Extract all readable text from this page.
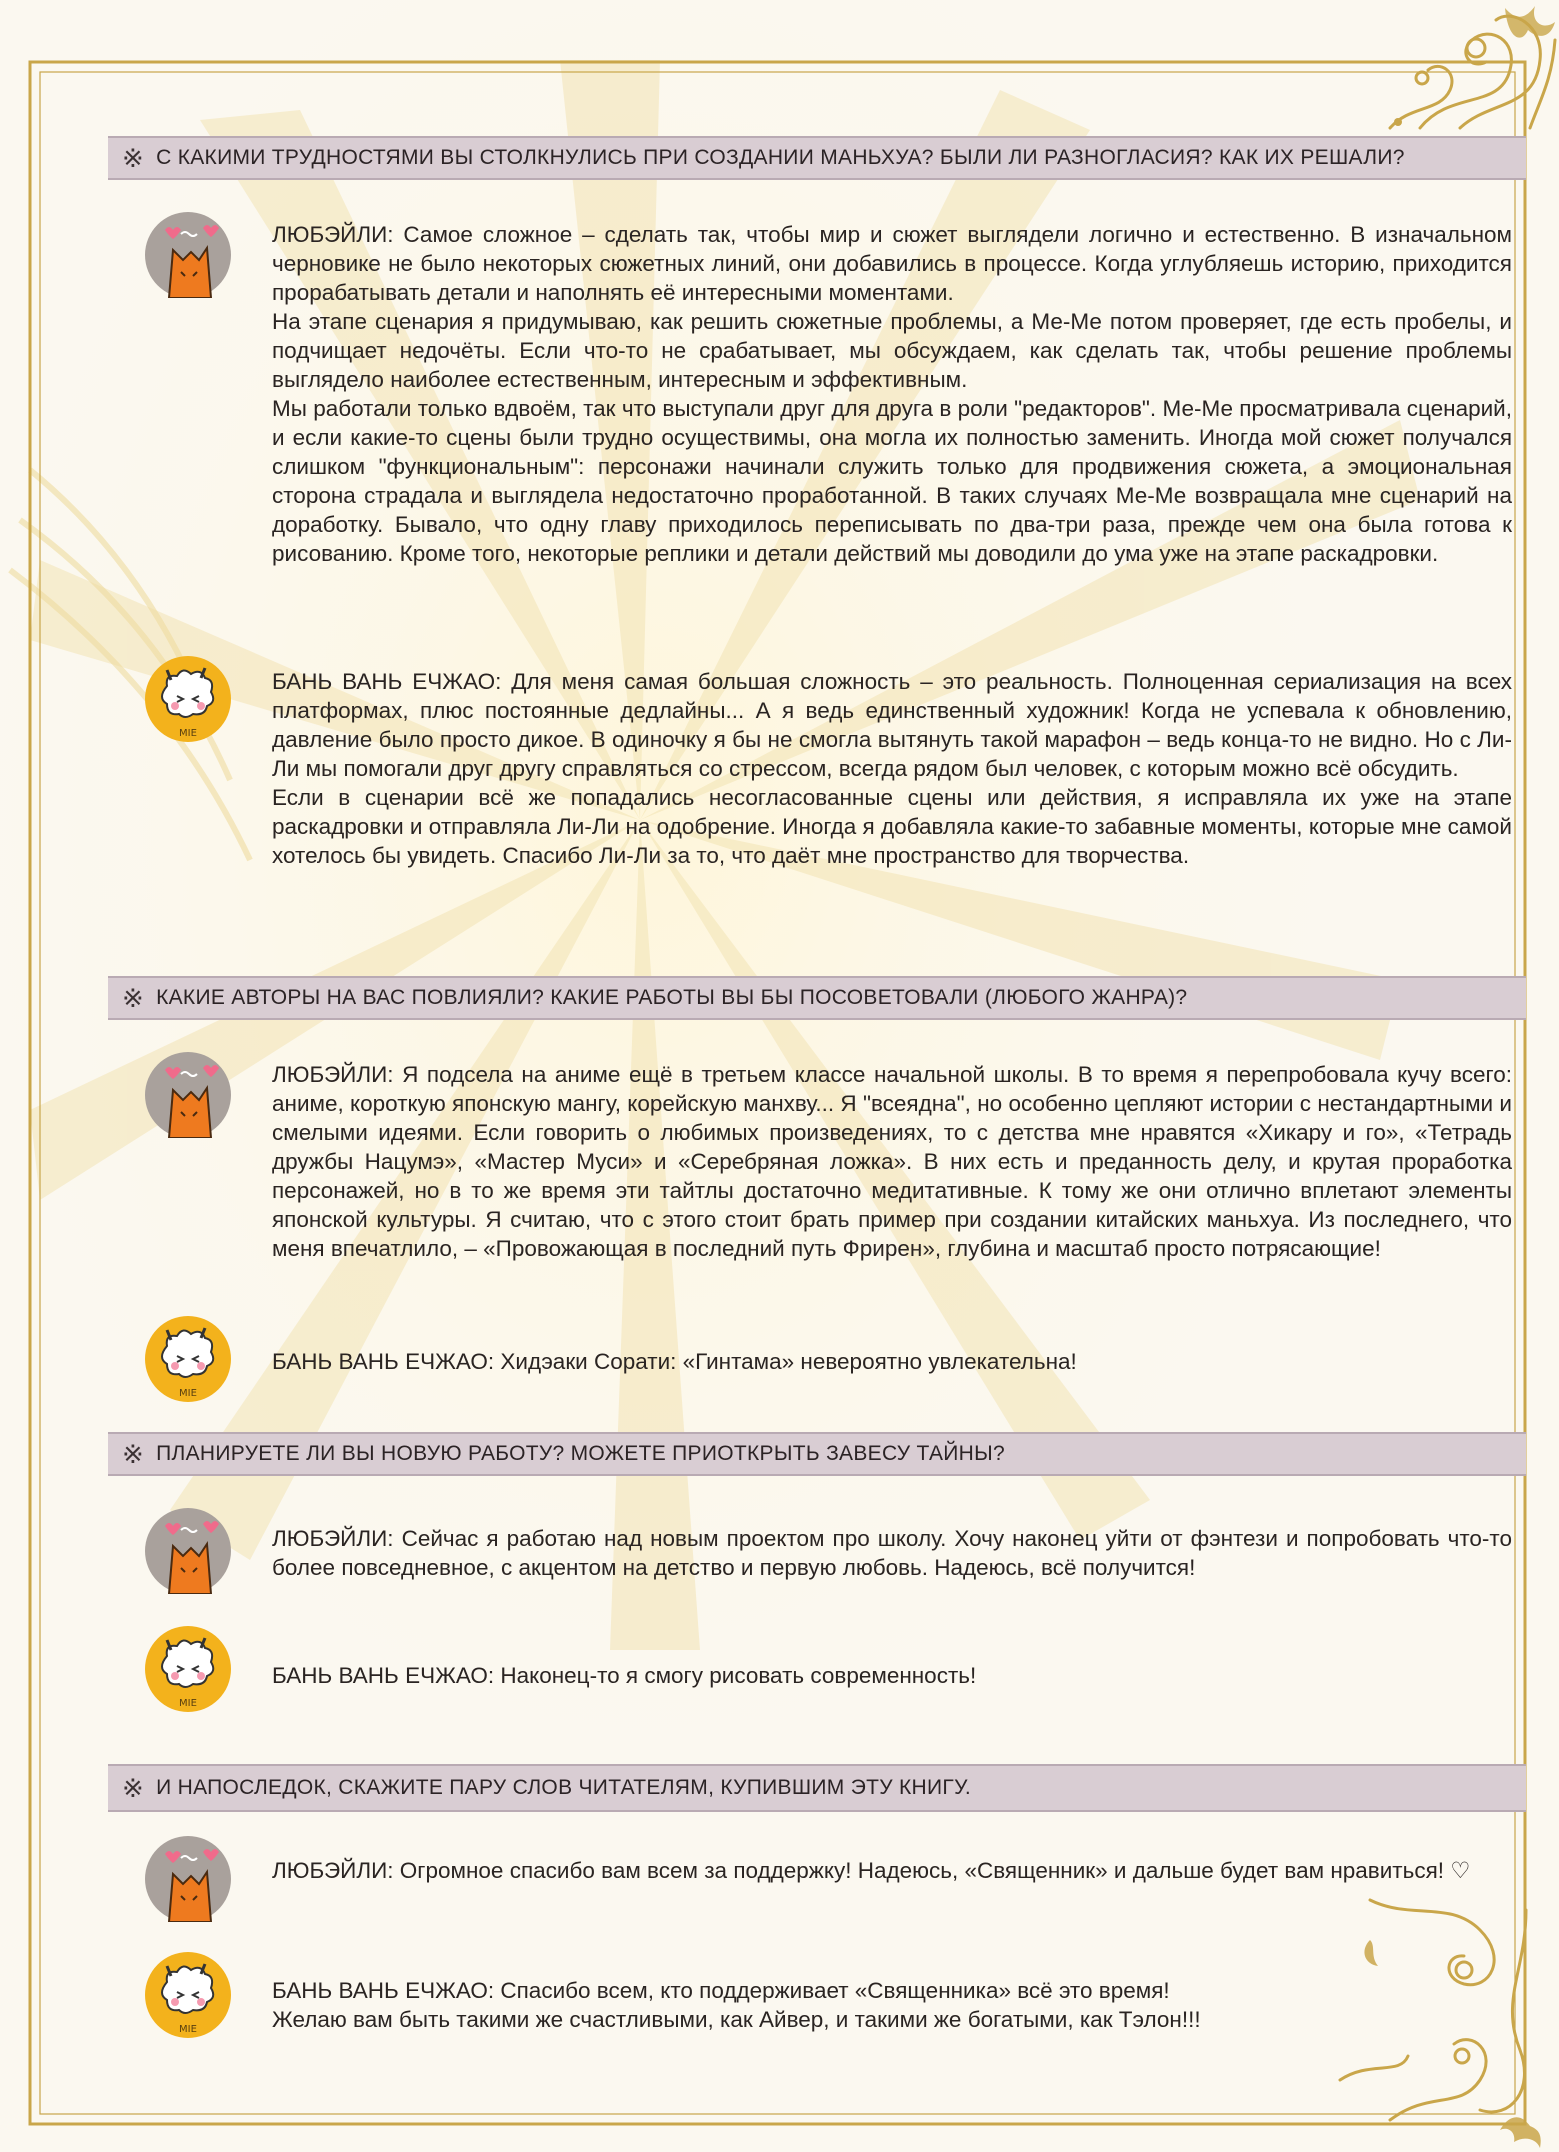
※ С КАКИМИ ТРУДНОСТЯМИ ВЫ СТОЛКНУЛИСЬ ПРИ СОЗДАНИИ МАНЬХУА? БЫЛИ ЛИ РАЗНОГЛАСИЯ? КАК ИХ РЕШАЛИ?

ЛЮБЭЙЛИ: Самое сложное – сделать так, чтобы мир и сюжет выглядели логично и естественно. В изначальном черновике не было некоторых сюжетных линий, они добавились в процессе. Когда углубляешь историю, приходится прорабатывать детали и наполнять её интересными моментами.

На этапе сценария я придумываю, как решить сюжетные проблемы, а Ме-Ме потом проверяет, где есть пробелы, и подчищает недочёты. Если что-то не срабатывает, мы обсуждаем, как сделать так, чтобы решение проблемы выглядело наиболее естественным, интересным и эффективным.

Мы работали только вдвоём, так что выступали друг для друга в роли "редакторов". Ме-Ме просматривала сценарий, и если какие-то сцены были трудно осуществимы, она могла их полностью заменить. Иногда мой сюжет получался слишком "функциональным": персонажи начинали служить только для продвижения сюжета, а эмоциональная сторона страдала и выглядела недостаточно проработанной. В таких случаях Ме-Ме возвращала мне сценарий на доработку. Бывало, что одну главу приходилось переписывать по два-три раза, прежде чем она была готова к рисованию. Кроме того, некоторые реплики и детали действий мы доводили до ума уже на этапе раскадровки.

MIE

БАНЬ ВАНЬ ЕЧЖАО: Для меня самая большая сложность – это реальность. Полноценная сериализация на всех платформах, плюс постоянные дедлайны... А я ведь единственный художник! Когда не успевала к обновлению, давление было просто дикое. В одиночку я бы не смогла вытянуть такой марафон – ведь конца-то не видно. Но с Ли-Ли мы помогали друг другу справляться со стрессом, всегда рядом был человек, с которым можно всё обсудить.

Если в сценарии всё же попадались несогласованные сцены или действия, я исправляла их уже на этапе раскадровки и отправляла Ли-Ли на одобрение. Иногда я добавляла какие-то забавные моменты, которые мне самой хотелось бы увидеть. Спасибо Ли-Ли за то, что даёт мне пространство для творчества.

※ КАКИЕ АВТОРЫ НА ВАС ПОВЛИЯЛИ? КАКИЕ РАБОТЫ ВЫ БЫ ПОСОВЕТОВАЛИ (ЛЮБОГО ЖАНРА)?

ЛЮБЭЙЛИ: Я подсела на аниме ещё в третьем классе начальной школы. В то время я перепробовала кучу всего: аниме, короткую японскую мангу, корейскую манхву... Я "всеядна", но особенно цепляют истории с нестандартными и смелыми идеями. Если говорить о любимых произведениях, то с детства мне нравятся «Хикару и го», «Тетрадь дружбы Нацумэ», «Мастер Муси» и «Серебряная ложка». В них есть и преданность делу, и крутая проработка персонажей, но в то же время эти тайтлы достаточно медитативные. К тому же они отлично вплетают элементы японской культуры. Я считаю, что с этого стоит брать пример при создании китайских маньхуа. Из последнего, что меня впечатлило, – «Провожающая в последний путь Фрирен», глубина и масштаб просто потрясающие!

MIE

БАНЬ ВАНЬ ЕЧЖАО: Хидэаки Сорати: «Гинтама» невероятно увлекательна!

※ ПЛАНИРУЕТЕ ЛИ ВЫ НОВУЮ РАБОТУ? МОЖЕТЕ ПРИОТКРЫТЬ ЗАВЕСУ ТАЙНЫ?

ЛЮБЭЙЛИ: Сейчас я работаю над новым проектом про школу. Хочу наконец уйти от фэнтези и попробовать что-то более повседневное, с акцентом на детство и первую любовь. Надеюсь, всё получится!

MIE

БАНЬ ВАНЬ ЕЧЖАО: Наконец-то я смогу рисовать современность!

※ И НАПОСЛЕДОК, СКАЖИТЕ ПАРУ СЛОВ ЧИТАТЕЛЯМ, КУПИВШИМ ЭТУ КНИГУ.

ЛЮБЭЙЛИ: Огромное спасибо вам всем за поддержку! Надеюсь, «Священник» и дальше будет вам нравиться! ♡

MIE

БАНЬ ВАНЬ ЕЧЖАО: Спасибо всем, кто поддерживает «Священника» всё это время!

Желаю вам быть такими же счастливыми, как Айвер, и такими же богатыми, как Тэлон!!!
